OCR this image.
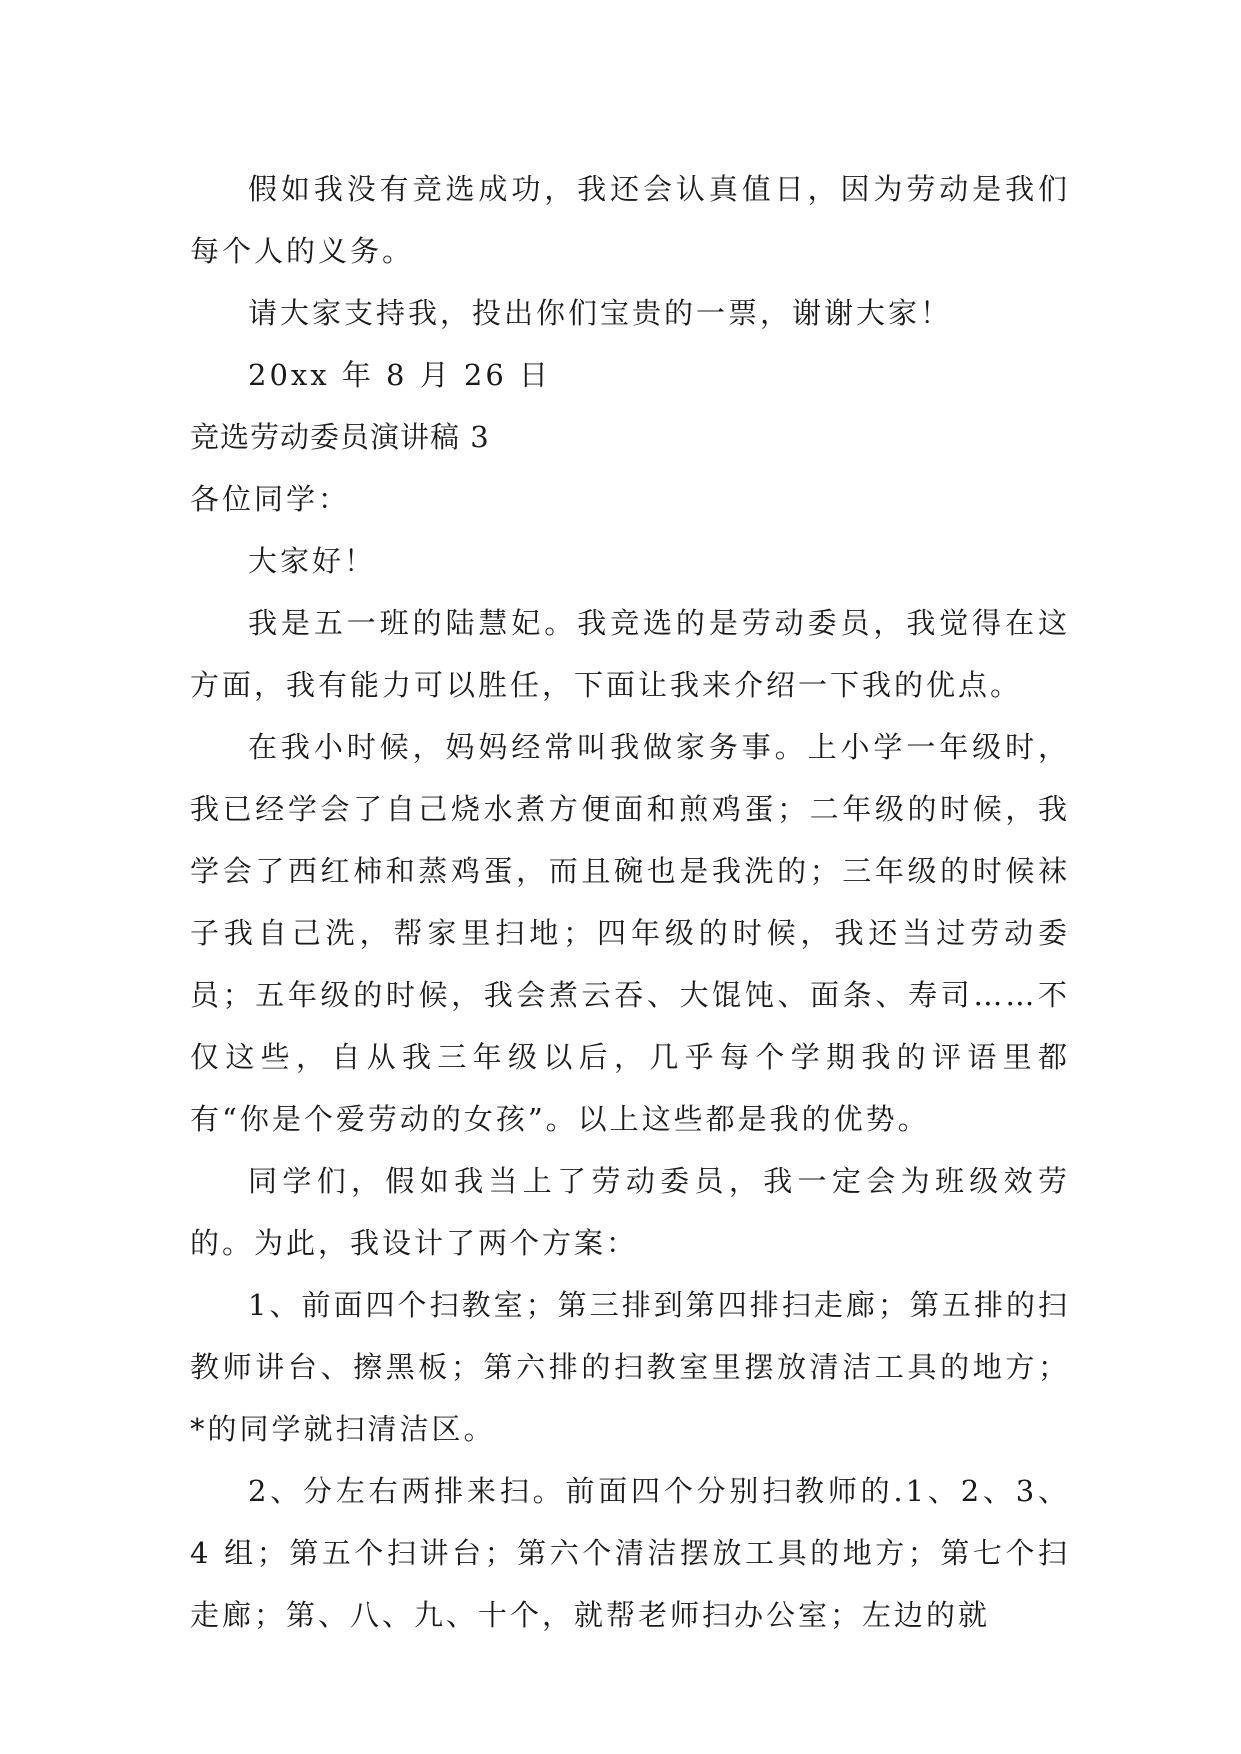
假如我没有竞选成功，我还会认真值日，因为劳动是我们每个人的义务。

请大家支持我，投出你们宝贵的一票，谢谢大家！

20xx 年 8 月 26 日

竞选劳动委员演讲稿 3

各位同学：

大家好！

我是五一班的陆慧妃。我竞选的是劳动委员，我觉得在这方面，我有能力可以胜任，下面让我来介绍一下我的优点。

在我小时候，妈妈经常叫我做家务事。上小学一年级时，我已经学会了自己烧水煮方便面和煎鸡蛋；二年级的时候，我学会了西红柿和蒸鸡蛋，而且碗也是我洗的；三年级的时候袜子我自己洗，帮家里扫地；四年级的时候，我还当过劳动委员；五年级的时候，我会煮云吞、大馄饨、面条、寿司……不仅这些，自从我三年级以后，几乎每个学期我的评语里都有“你是个爱劳动的女孩”。以上这些都是我的优势。

同学们，假如我当上了劳动委员，我一定会为班级效劳的。为此，我设计了两个方案：

1、前面四个扫教室；第三排到第四排扫走廊；第五排的扫教师讲台、擦黑板；第六排的扫教室里摆放清洁工具的地方；*的同学就扫清洁区。

2、分左右两排来扫。前面四个分别扫教师的.1、2、3、4 组；第五个扫讲台；第六个清洁摆放工具的地方；第七个扫走廊；第、八、九、十个，就帮老师扫办公室；左边的就
